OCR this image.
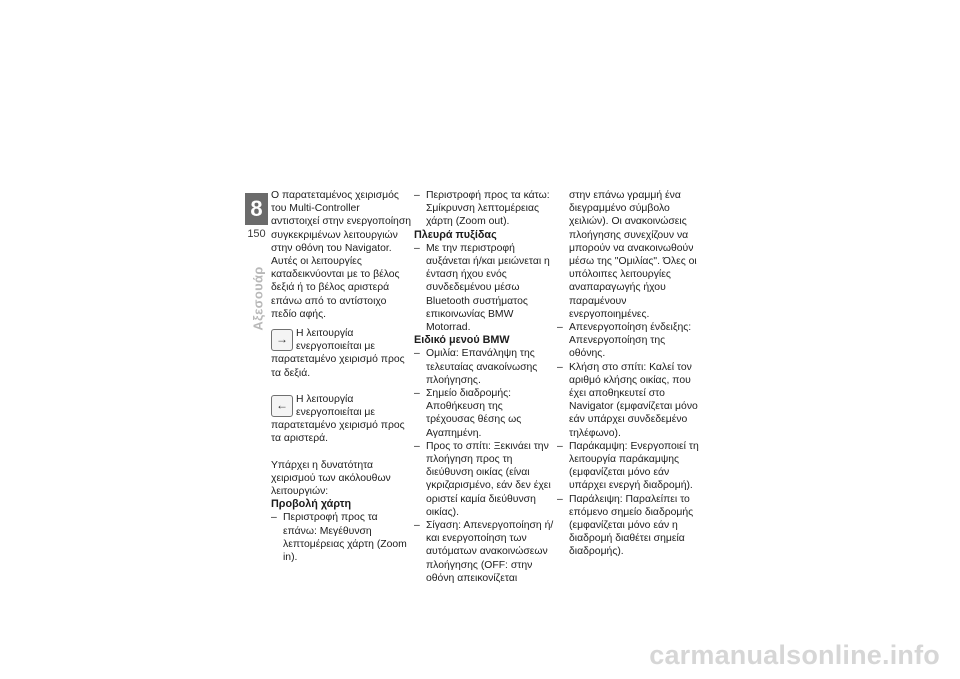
8
150
Αξεσουάρ

Ο παρατεταμένος χειρισμός του Multi-Controller αντιστοιχεί στην ενεργοποίηση συγκεκριμένων λειτουργιών στην οθόνη του Navigator. Αυτές οι λειτουργίες καταδεικνύονται με το βέλος δεξιά ή το βέλος αριστερά επάνω από το αντίστοιχο πεδίο αφής.

→ Η λειτουργία ενεργοποιείται με παρατεταμένο χειρισμό προς τα δεξιά.
← Η λειτουργία ενεργοποιείται με παρατεταμένο χειρισμό προς τα αριστερά.

Υπάρχει η δυνατότητα χειρισμού των ακόλουθων λειτουργιών:

Προβολή χάρτη

– Περιστροφή προς τα επάνω: Μεγέθυνση λεπτομέρειας χάρτη (Zoom in).

– Περιστροφή προς τα κάτω: Σμίκρυνση λεπτομέρειας χάρτη (Zoom out).

Πλευρά πυξίδας

– Με την περιστροφή αυξάνεται ή/και μειώνεται η ένταση ήχου ενός συνδεδεμένου μέσω Bluetooth συστήματος επικοινωνίας BMW Motorrad.

Ειδικό μενού BMW

– Ομιλία: Επανάληψη της τελευταίας ανακοίνωσης πλοήγησης.

– Σημείο διαδρομής: Αποθήκευση της τρέχουσας θέσης ως Αγαπημένη.

– Προς το σπίτι: Ξεκινάει την πλοήγηση προς τη διεύθυνση οικίας (είναι γκριζαρισμένο, εάν δεν έχει οριστεί καμία διεύθυνση οικίας).

– Σίγαση: Απενεργοποίηση ή/και ενεργοποίηση των αυτόματων ανακοινώσεων πλοήγησης (OFF: στην οθόνη απεικονίζεται

στην επάνω γραμμή ένα διεγραμμένο σύμβολο χειλιών). Οι ανακοινώσεις πλοήγησης συνεχίζουν να μπορούν να ανακοινωθούν μέσω της "Ομιλίας". Όλες οι υπόλοιπες λειτουργίες αναπαραγωγής ήχου παραμένουν ενεργοποιημένες.

– Απενεργοποίηση ένδειξης: Απενεργοποίηση της οθόνης.

– Κλήση στο σπίτι: Καλεί τον αριθμό κλήσης οικίας, που έχει αποθηκευτεί στο Navigator (εμφανίζεται μόνο εάν υπάρχει συνδεδεμένο τηλέφωνο).

– Παράκαμψη: Ενεργοποιεί τη λειτουργία παράκαμψης (εμφανίζεται μόνο εάν υπάρχει ενεργή διαδρομή).

– Παράλειψη: Παραλείπει το επόμενο σημείο διαδρομής (εμφανίζεται μόνο εάν η διαδρομή διαθέτει σημεία διαδρομής).

carmanualsonline.info
